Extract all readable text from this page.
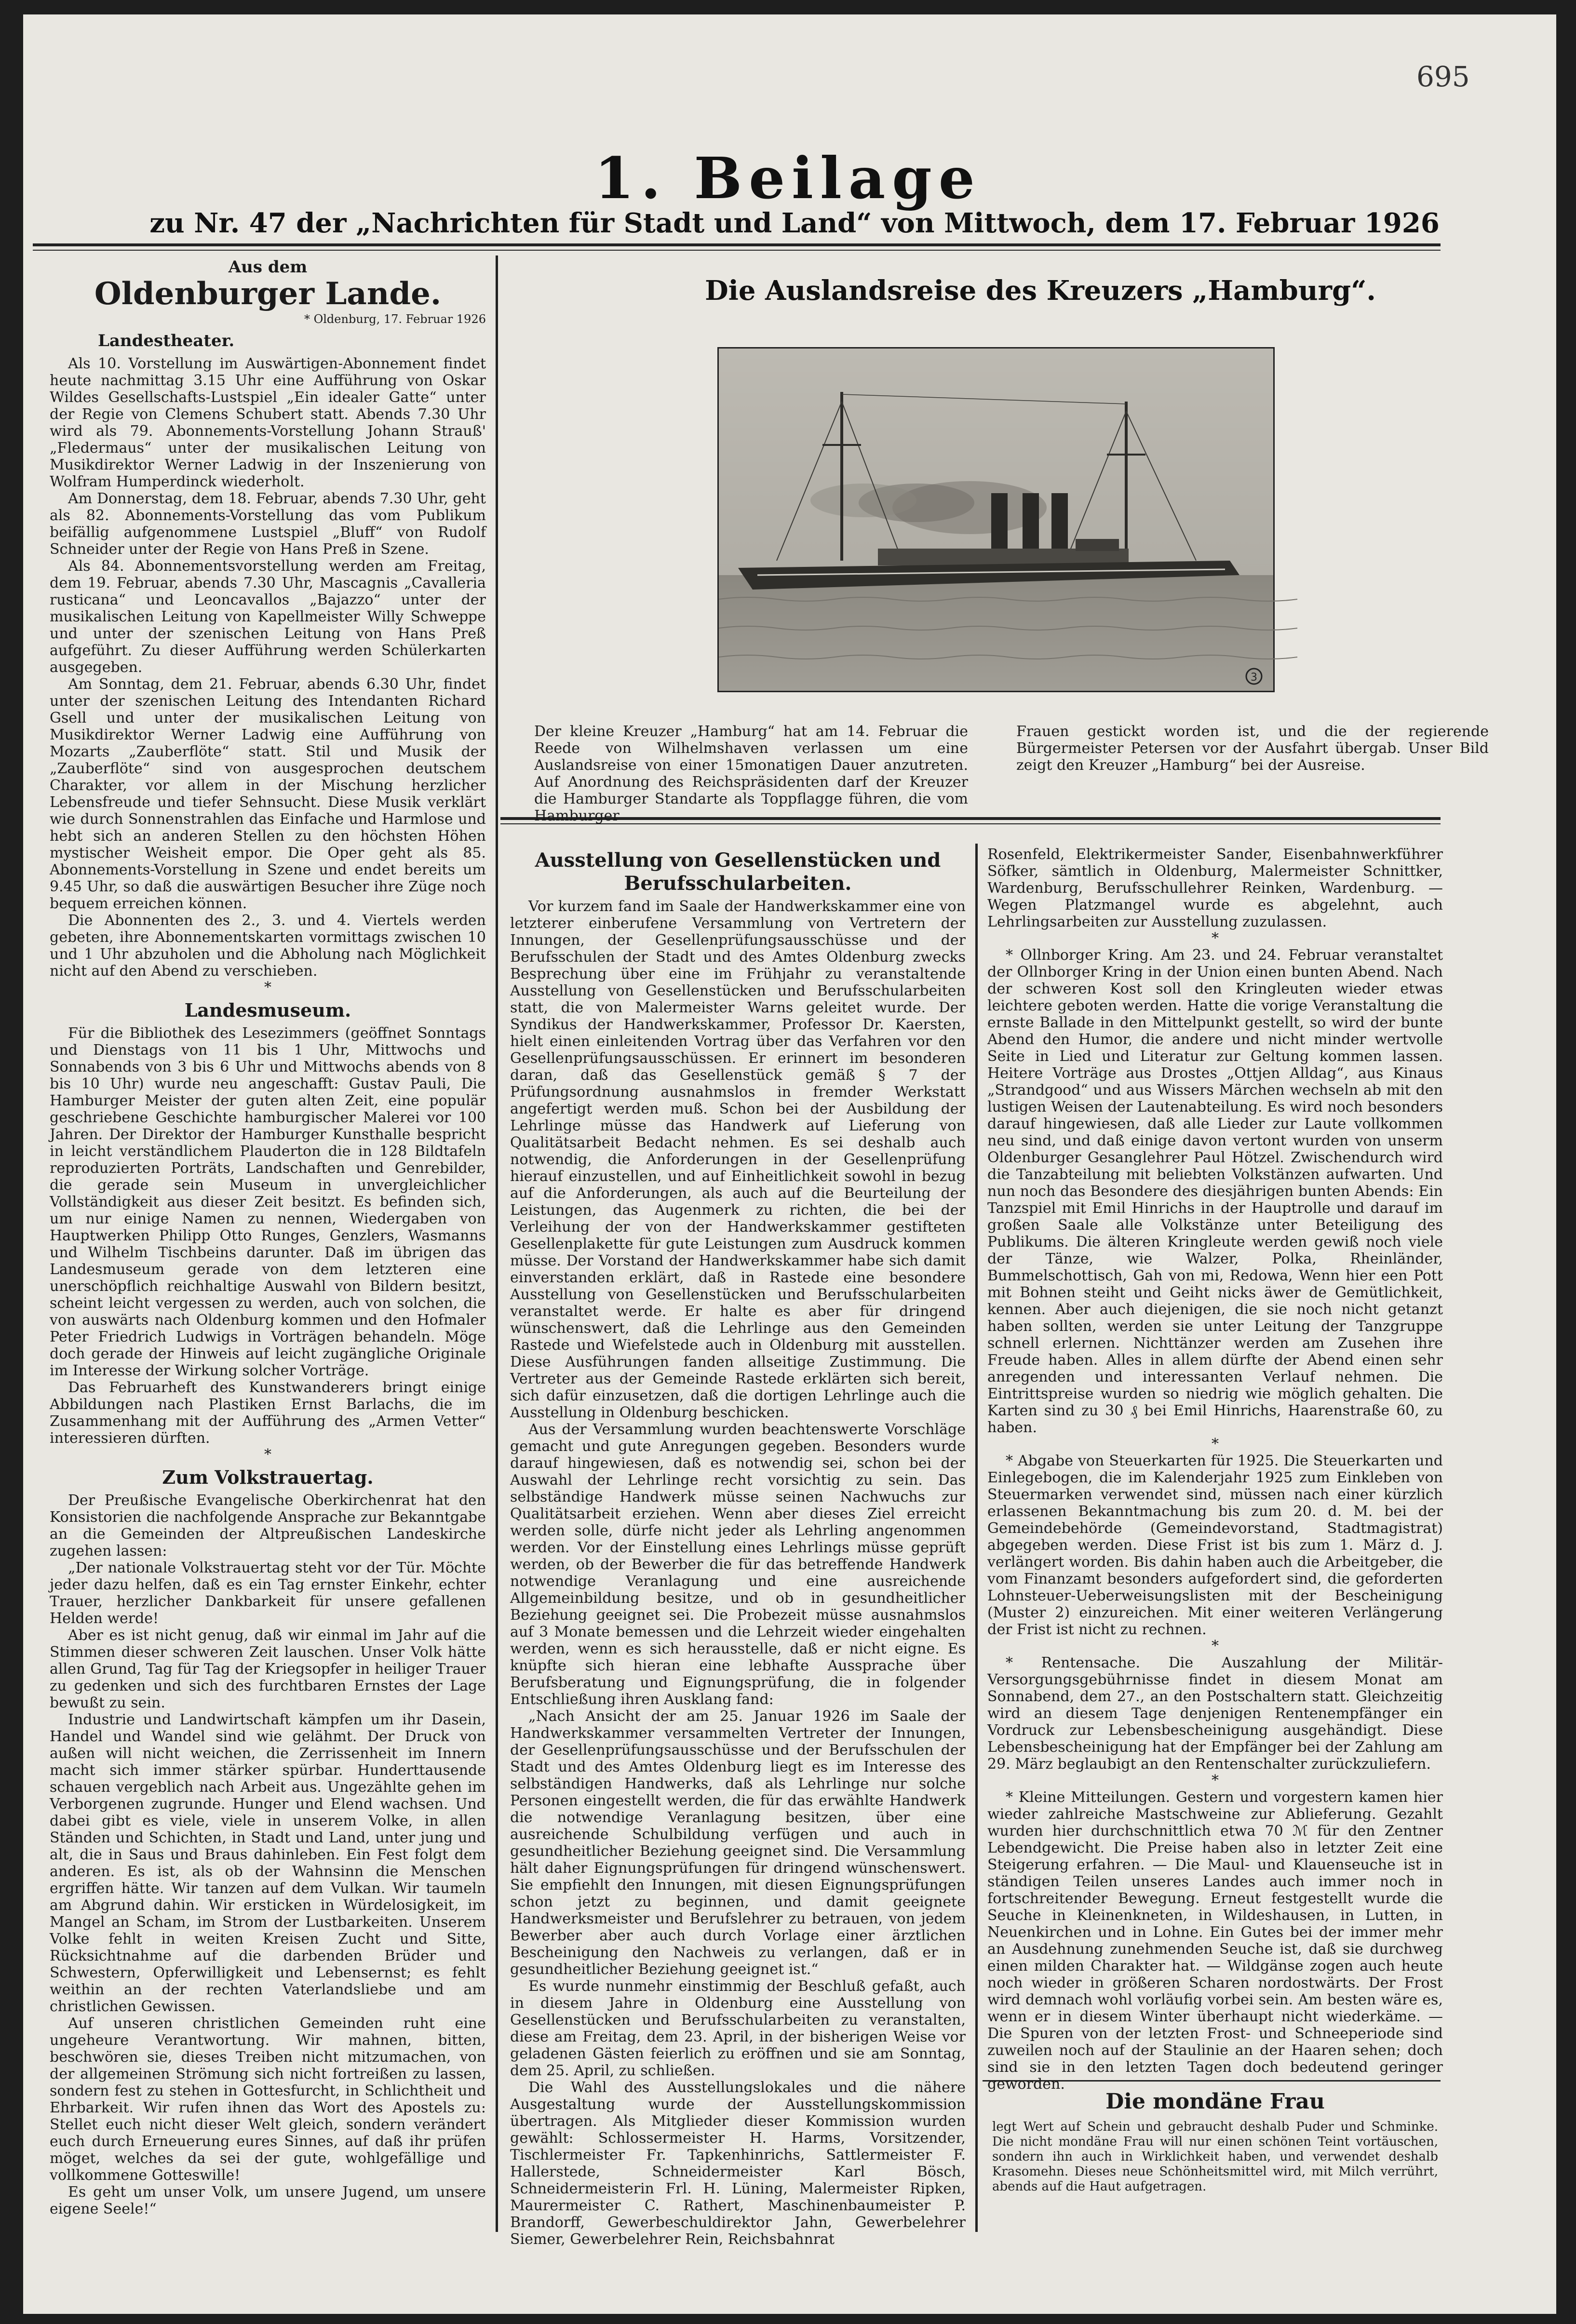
695
1. Beilage
zu Nr. 47 der „Nachrichten für Stadt und Land“ von Mittwoch, dem 17. Februar 1926
Aus dem
Oldenburger Lande.
* Oldenburg, 17. Februar 1926
Landestheater.

Als 10. Vorstellung im Auswärtigen-Abonnement findet heute nachmittag 3.15 Uhr eine Aufführung von Oskar Wildes Gesellschafts-Lustspiel „Ein idealer Gatte“ unter der Regie von Clemens Schubert statt. Abends 7.30 Uhr wird als 79. Abonnements-Vorstellung Johann Strauß' „Fledermaus“ unter der musikalischen Leitung von Musikdirektor Werner Ladwig in der Inszenierung von Wolfram Humperdinck wiederholt.

Am Donnerstag, dem 18. Februar, abends 7.30 Uhr, geht als 82. Abonnements-Vorstellung das vom Publikum beifällig aufgenommene Lustspiel „Bluff“ von Rudolf Schneider unter der Regie von Hans Preß in Szene.

Als 84. Abonnementsvorstellung werden am Freitag, dem 19. Februar, abends 7.30 Uhr, Mascagnis „Cavalleria rusticana“ und Leoncavallos „Bajazzo“ unter der musikalischen Leitung von Kapellmeister Willy Schweppe und unter der szenischen Leitung von Hans Preß aufgeführt. Zu dieser Aufführung werden Schülerkarten ausgegeben.

Am Sonntag, dem 21. Februar, abends 6.30 Uhr, findet unter der szenischen Leitung des Intendanten Richard Gsell und unter der musikalischen Leitung von Musikdirektor Werner Ladwig eine Aufführung von Mozarts „Zauberflöte“ statt. Stil und Musik der „Zauberflöte“ sind von ausgesprochen deutschem Charakter, vor allem in der Mischung herzlicher Lebensfreude und tiefer Sehnsucht. Diese Musik verklärt wie durch Sonnenstrahlen das Einfache und Harmlose und hebt sich an anderen Stellen zu den höchsten Höhen mystischer Weisheit empor. Die Oper geht als 85. Abonnements-Vorstellung in Szene und endet bereits um 9.45 Uhr, so daß die auswärtigen Besucher ihre Züge noch bequem erreichen können.

Die Abonnenten des 2., 3. und 4. Viertels werden gebeten, ihre Abonnementskarten vormittags zwischen 10 und 1 Uhr abzuholen und die Abholung nach Möglichkeit nicht auf den Abend zu verschieben.

*
Landesmuseum.

Für die Bibliothek des Lesezimmers (geöffnet Sonntags und Dienstags von 11 bis 1 Uhr, Mittwochs und Sonnabends von 3 bis 6 Uhr und Mittwochs abends von 8 bis 10 Uhr) wurde neu angeschafft: Gustav Pauli, Die Hamburger Meister der guten alten Zeit, eine populär geschriebene Geschichte hamburgischer Malerei vor 100 Jahren. Der Direktor der Hamburger Kunsthalle bespricht in leicht verständlichem Plauderton die in 128 Bildtafeln reproduzierten Porträts, Landschaften und Genrebilder, die gerade sein Museum in unvergleichlicher Vollständigkeit aus dieser Zeit besitzt. Es befinden sich, um nur einige Namen zu nennen, Wiedergaben von Hauptwerken Philipp Otto Runges, Genzlers, Wasmanns und Wilhelm Tischbeins darunter. Daß im übrigen das Landesmuseum gerade von dem letzteren eine unerschöpflich reichhaltige Auswahl von Bildern besitzt, scheint leicht vergessen zu werden, auch von solchen, die von auswärts nach Oldenburg kommen und den Hofmaler Peter Friedrich Ludwigs in Vorträgen behandeln. Möge doch gerade der Hinweis auf leicht zugängliche Originale im Interesse der Wirkung solcher Vorträge.

Das Februarheft des Kunstwanderers bringt einige Abbildungen nach Plastiken Ernst Barlachs, die im Zusammenhang mit der Aufführung des „Armen Vetter“ interessieren dürften.

*
Zum Volkstrauertag.

Der Preußische Evangelische Oberkirchenrat hat den Konsistorien die nachfolgende Ansprache zur Bekanntgabe an die Gemeinden der Altpreußischen Landeskirche zugehen lassen:

„Der nationale Volkstrauertag steht vor der Tür. Möchte jeder dazu helfen, daß es ein Tag ernster Einkehr, echter Trauer, herzlicher Dankbarkeit für unsere gefallenen Helden werde!

Aber es ist nicht genug, daß wir einmal im Jahr auf die Stimmen dieser schweren Zeit lauschen. Unser Volk hätte allen Grund, Tag für Tag der Kriegsopfer in heiliger Trauer zu gedenken und sich des furchtbaren Ernstes der Lage bewußt zu sein.

Industrie und Landwirtschaft kämpfen um ihr Dasein, Handel und Wandel sind wie gelähmt. Der Druck von außen will nicht weichen, die Zerrissenheit im Innern macht sich immer stärker spürbar. Hunderttausende schauen vergeblich nach Arbeit aus. Ungezählte gehen im Verborgenen zugrunde. Hunger und Elend wachsen. Und dabei gibt es viele, viele in unserem Volke, in allen Ständen und Schichten, in Stadt und Land, unter jung und alt, die in Saus und Braus dahinleben. Ein Fest folgt dem anderen. Es ist, als ob der Wahnsinn die Menschen ergriffen hätte. Wir tanzen auf dem Vulkan. Wir taumeln am Abgrund dahin. Wir ersticken in Würdelosigkeit, im Mangel an Scham, im Strom der Lustbarkeiten. Unserem Volke fehlt in weiten Kreisen Zucht und Sitte, Rücksichtnahme auf die darbenden Brüder und Schwestern, Opferwilligkeit und Lebensernst; es fehlt weithin an der rechten Vaterlandsliebe und am christlichen Gewissen.

Auf unseren christlichen Gemeinden ruht eine ungeheure Verantwortung. Wir mahnen, bitten, beschwören sie, dieses Treiben nicht mitzumachen, von der allgemeinen Strömung sich nicht fortreißen zu lassen, sondern fest zu stehen in Gottesfurcht, in Schlichtheit und Ehrbarkeit. Wir rufen ihnen das Wort des Apostels zu: Stellet euch nicht dieser Welt gleich, sondern verändert euch durch Erneuerung eures Sinnes, auf daß ihr prüfen möget, welches da sei der gute, wohlgefällige und vollkommene Gotteswille!

Es geht um unser Volk, um unsere Jugend, um unsere eigene Seele!“

Die Auslandsreise des Kreuzers „Hamburg“.
3
Der kleine Kreuzer „Hamburg“ hat am 14. Februar die Reede von Wilhelmshaven verlassen um eine Auslandsreise von einer 15monatigen Dauer anzutreten. Auf Anordnung des Reichspräsidenten darf der Kreuzer die Hamburger Standarte als Toppflagge führen, die vom Hamburger
Frauen gestickt worden ist, und die der regierende Bürgermeister Petersen vor der Ausfahrt übergab. Unser Bild zeigt den Kreuzer „Hamburg“ bei der Ausreise.
Ausstellung von Gesellenstücken und Berufsschularbeiten.

Vor kurzem fand im Saale der Handwerkskammer eine von letzterer einberufene Versammlung von Vertretern der Innungen, der Gesellenprüfungsausschüsse und der Berufsschulen der Stadt und des Amtes Oldenburg zwecks Besprechung über eine im Frühjahr zu veranstaltende Ausstellung von Gesellenstücken und Berufsschularbeiten statt, die von Malermeister Warns geleitet wurde. Der Syndikus der Handwerkskammer, Professor Dr. Kaersten, hielt einen einleitenden Vortrag über das Verfahren vor den Gesellenprüfungsausschüssen. Er erinnert im besonderen daran, daß das Gesellenstück gemäß § 7 der Prüfungsordnung ausnahmslos in fremder Werkstatt angefertigt werden muß. Schon bei der Ausbildung der Lehrlinge müsse das Handwerk auf Lieferung von Qualitätsarbeit Bedacht nehmen. Es sei deshalb auch notwendig, die Anforderungen in der Gesellenprüfung hierauf einzustellen, und auf Einheitlichkeit sowohl in bezug auf die Anforderungen, als auch auf die Beurteilung der Leistungen, das Augenmerk zu richten, die bei der Verleihung der von der Handwerkskammer gestifteten Gesellenplakette für gute Leistungen zum Ausdruck kommen müsse. Der Vorstand der Handwerkskammer habe sich damit einverstanden erklärt, daß in Rastede eine besondere Ausstellung von Gesellenstücken und Berufsschularbeiten veranstaltet werde. Er halte es aber für dringend wünschenswert, daß die Lehrlinge aus den Gemeinden Rastede und Wiefelstede auch in Oldenburg mit ausstellen. Diese Ausführungen fanden allseitige Zustimmung. Die Vertreter aus der Gemeinde Rastede erklärten sich bereit, sich dafür einzusetzen, daß die dortigen Lehrlinge auch die Ausstellung in Oldenburg beschicken.

Aus der Versammlung wurden beachtenswerte Vorschläge gemacht und gute Anregungen gegeben. Besonders wurde darauf hingewiesen, daß es notwendig sei, schon bei der Auswahl der Lehrlinge recht vorsichtig zu sein. Das selbständige Handwerk müsse seinen Nachwuchs zur Qualitätsarbeit erziehen. Wenn aber dieses Ziel erreicht werden solle, dürfe nicht jeder als Lehrling angenommen werden. Vor der Einstellung eines Lehrlings müsse geprüft werden, ob der Bewerber die für das betreffende Handwerk notwendige Veranlagung und eine ausreichende Allgemeinbildung besitze, und ob in gesundheitlicher Beziehung geeignet sei. Die Probezeit müsse ausnahmslos auf 3 Monate bemessen und die Lehrzeit wieder eingehalten werden, wenn es sich herausstelle, daß er nicht eigne. Es knüpfte sich hieran eine lebhafte Aussprache über Berufsberatung und Eignungsprüfung, die in folgender Entschließung ihren Ausklang fand:

„Nach Ansicht der am 25. Januar 1926 im Saale der Handwerkskammer versammelten Vertreter der Innungen, der Gesellenprüfungsausschüsse und der Berufsschulen der Stadt und des Amtes Oldenburg liegt es im Interesse des selbständigen Handwerks, daß als Lehrlinge nur solche Personen eingestellt werden, die für das erwählte Handwerk die notwendige Veranlagung besitzen, über eine ausreichende Schulbildung verfügen und auch in gesundheitlicher Beziehung geeignet sind. Die Versammlung hält daher Eignungsprüfungen für dringend wünschenswert. Sie empfiehlt den Innungen, mit diesen Eignungsprüfungen schon jetzt zu beginnen, und damit geeignete Handwerksmeister und Berufslehrer zu betrauen, von jedem Bewerber aber auch durch Vorlage einer ärztlichen Bescheinigung den Nachweis zu verlangen, daß er in gesundheitlicher Beziehung geeignet ist.“

Es wurde nunmehr einstimmig der Beschluß gefaßt, auch in diesem Jahre in Oldenburg eine Ausstellung von Gesellenstücken und Berufsschularbeiten zu veranstalten, diese am Freitag, dem 23. April, in der bisherigen Weise vor geladenen Gästen feierlich zu eröffnen und sie am Sonntag, dem 25. April, zu schließen.

Die Wahl des Ausstellungslokales und die nähere Ausgestaltung wurde der Ausstellungskommission übertragen. Als Mitglieder dieser Kommission wurden gewählt: Schlossermeister H. Harms, Vorsitzender, Tischlermeister Fr. Tapkenhinrichs, Sattlermeister F. Hallerstede, Schneidermeister Karl Bösch, Schneidermeisterin Frl. H. Lüning, Malermeister Ripken, Maurermeister C. Rathert, Maschinenbaumeister P. Brandorff, Gewerbeschuldirektor Jahn, Gewerbelehrer Siemer, Gewerbelehrer Rein, Reichsbahnrat

Rosenfeld, Elektrikermeister Sander, Eisenbahnwerkführer Söfker, sämtlich in Oldenburg, Malermeister Schnittker, Wardenburg, Berufsschullehrer Reinken, Wardenburg. — Wegen Platzmangel wurde es abgelehnt, auch Lehrlingsarbeiten zur Ausstellung zuzulassen.

*

* Ollnborger Kring. Am 23. und 24. Februar veranstaltet der Ollnborger Kring in der Union einen bunten Abend. Nach der schweren Kost soll den Kringleuten wieder etwas leichtere geboten werden. Hatte die vorige Veranstaltung die ernste Ballade in den Mittelpunkt gestellt, so wird der bunte Abend den Humor, die andere und nicht minder wertvolle Seite in Lied und Literatur zur Geltung kommen lassen. Heitere Vorträge aus Drostes „Ottjen Alldag“, aus Kinaus „Strandgood“ und aus Wissers Märchen wechseln ab mit den lustigen Weisen der Lautenabteilung. Es wird noch besonders darauf hingewiesen, daß alle Lieder zur Laute vollkommen neu sind, und daß einige davon vertont wurden von unserm Oldenburger Gesanglehrer Paul Hötzel. Zwischendurch wird die Tanzabteilung mit beliebten Volkstänzen aufwarten. Und nun noch das Besondere des diesjährigen bunten Abends: Ein Tanzspiel mit Emil Hinrichs in der Hauptrolle und darauf im großen Saale alle Volkstänze unter Beteiligung des Publikums. Die älteren Kringleute werden gewiß noch viele der Tänze, wie Walzer, Polka, Rheinländer, Bummelschottisch, Gah von mi, Redowa, Wenn hier een Pott mit Bohnen steiht und Geiht nicks äwer de Gemütlichkeit, kennen. Aber auch diejenigen, die sie noch nicht getanzt haben sollten, werden sie unter Leitung der Tanzgruppe schnell erlernen. Nichttänzer werden am Zusehen ihre Freude haben. Alles in allem dürfte der Abend einen sehr anregenden und interessanten Verlauf nehmen. Die Eintrittspreise wurden so niedrig wie möglich gehalten. Die Karten sind zu 30 ₰ bei Emil Hinrichs, Haarenstraße 60, zu haben.

*

* Abgabe von Steuerkarten für 1925. Die Steuerkarten und Einlegebogen, die im Kalenderjahr 1925 zum Einkleben von Steuermarken verwendet sind, müssen nach einer kürzlich erlassenen Bekanntmachung bis zum 20. d. M. bei der Gemeindebehörde (Gemeindevorstand, Stadtmagistrat) abgegeben werden. Diese Frist ist bis zum 1. März d. J. verlängert worden. Bis dahin haben auch die Arbeitgeber, die vom Finanzamt besonders aufgefordert sind, die geforderten Lohnsteuer-Ueberweisungslisten mit der Bescheinigung (Muster 2) einzureichen. Mit einer weiteren Verlängerung der Frist ist nicht zu rechnen.

*

* Rentensache. Die Auszahlung der Militär-Versorgungsgebührnisse findet in diesem Monat am Sonnabend, dem 27., an den Postschaltern statt. Gleichzeitig wird an diesem Tage denjenigen Rentenempfänger ein Vordruck zur Lebensbescheinigung ausgehändigt. Diese Lebensbescheinigung hat der Empfänger bei der Zahlung am 29. März beglaubigt an den Rentenschalter zurückzuliefern.

*

* Kleine Mitteilungen. Gestern und vorgestern kamen hier wieder zahlreiche Mastschweine zur Ablieferung. Gezahlt wurden hier durchschnittlich etwa 70 ℳ für den Zentner Lebendgewicht. Die Preise haben also in letzter Zeit eine Steigerung erfahren. — Die Maul- und Klauenseuche ist in ständigen Teilen unseres Landes auch immer noch in fortschreitender Bewegung. Erneut festgestellt wurde die Seuche in Kleinenkneten, in Wildeshausen, in Lutten, in Neuenkirchen und in Lohne. Ein Gutes bei der immer mehr an Ausdehnung zunehmenden Seuche ist, daß sie durchweg einen milden Charakter hat. — Wildgänse zogen auch heute noch wieder in größeren Scharen nordostwärts. Der Frost wird demnach wohl vorläufig vorbei sein. Am besten wäre es, wenn er in diesem Winter überhaupt nicht wiederkäme. — Die Spuren von der letzten Frost- und Schneeperiode sind zuweilen noch auf der Staulinie an der Haaren sehen; doch sind sie in den letzten Tagen doch bedeutend geringer geworden.

Die mondäne Frau

legt Wert auf Schein und gebraucht deshalb Puder und Schminke. Die nicht mondäne Frau will nur einen schönen Teint vortäuschen, sondern ihn auch in Wirklichkeit haben, und verwendet deshalb Krasomehn. Dieses neue Schönheitsmittel wird, mit Milch verrührt, abends auf die Haut aufgetragen.
